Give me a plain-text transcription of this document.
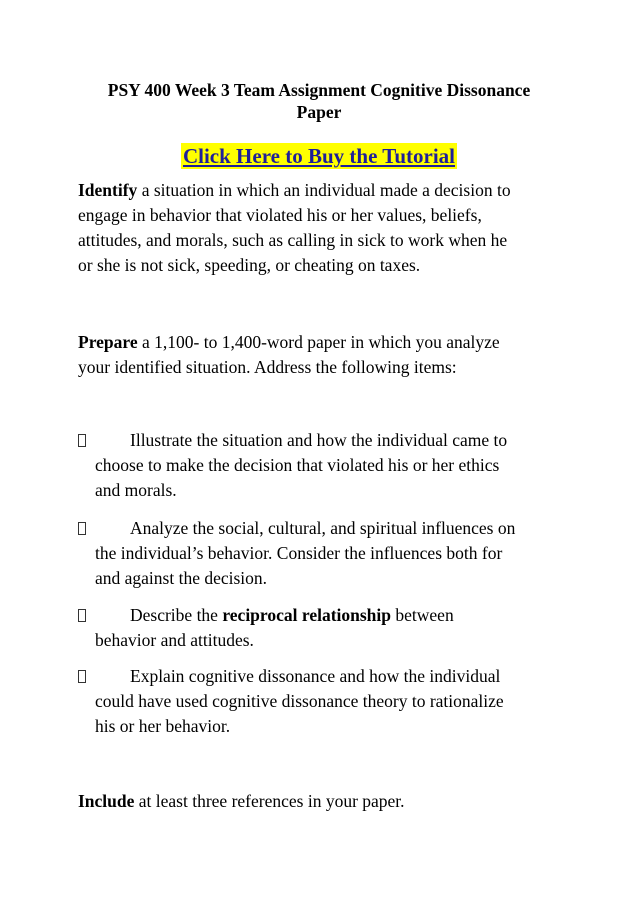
PSY 400 Week 3 Team Assignment Cognitive Dissonance
Paper
Click Here to Buy the Tutorial
Identify a situation in which an individual made a decision to
engage in behavior that violated his or her values, beliefs,
attitudes, and morals, such as calling in sick to work when he
or she is not sick, speeding, or cheating on taxes.
Prepare a 1,100- to 1,400-word paper in which you analyze
your identified situation. Address the following items:
Illustrate the situation and how the individual came to
choose to make the decision that violated his or her ethics
and morals.
Analyze the social, cultural, and spiritual influences on
the individual’s behavior. Consider the influences both for
and against the decision.
Describe the reciprocal relationship between
behavior and attitudes.
Explain cognitive dissonance and how the individual
could have used cognitive dissonance theory to rationalize
his or her behavior.
Include at least three references in your paper.
